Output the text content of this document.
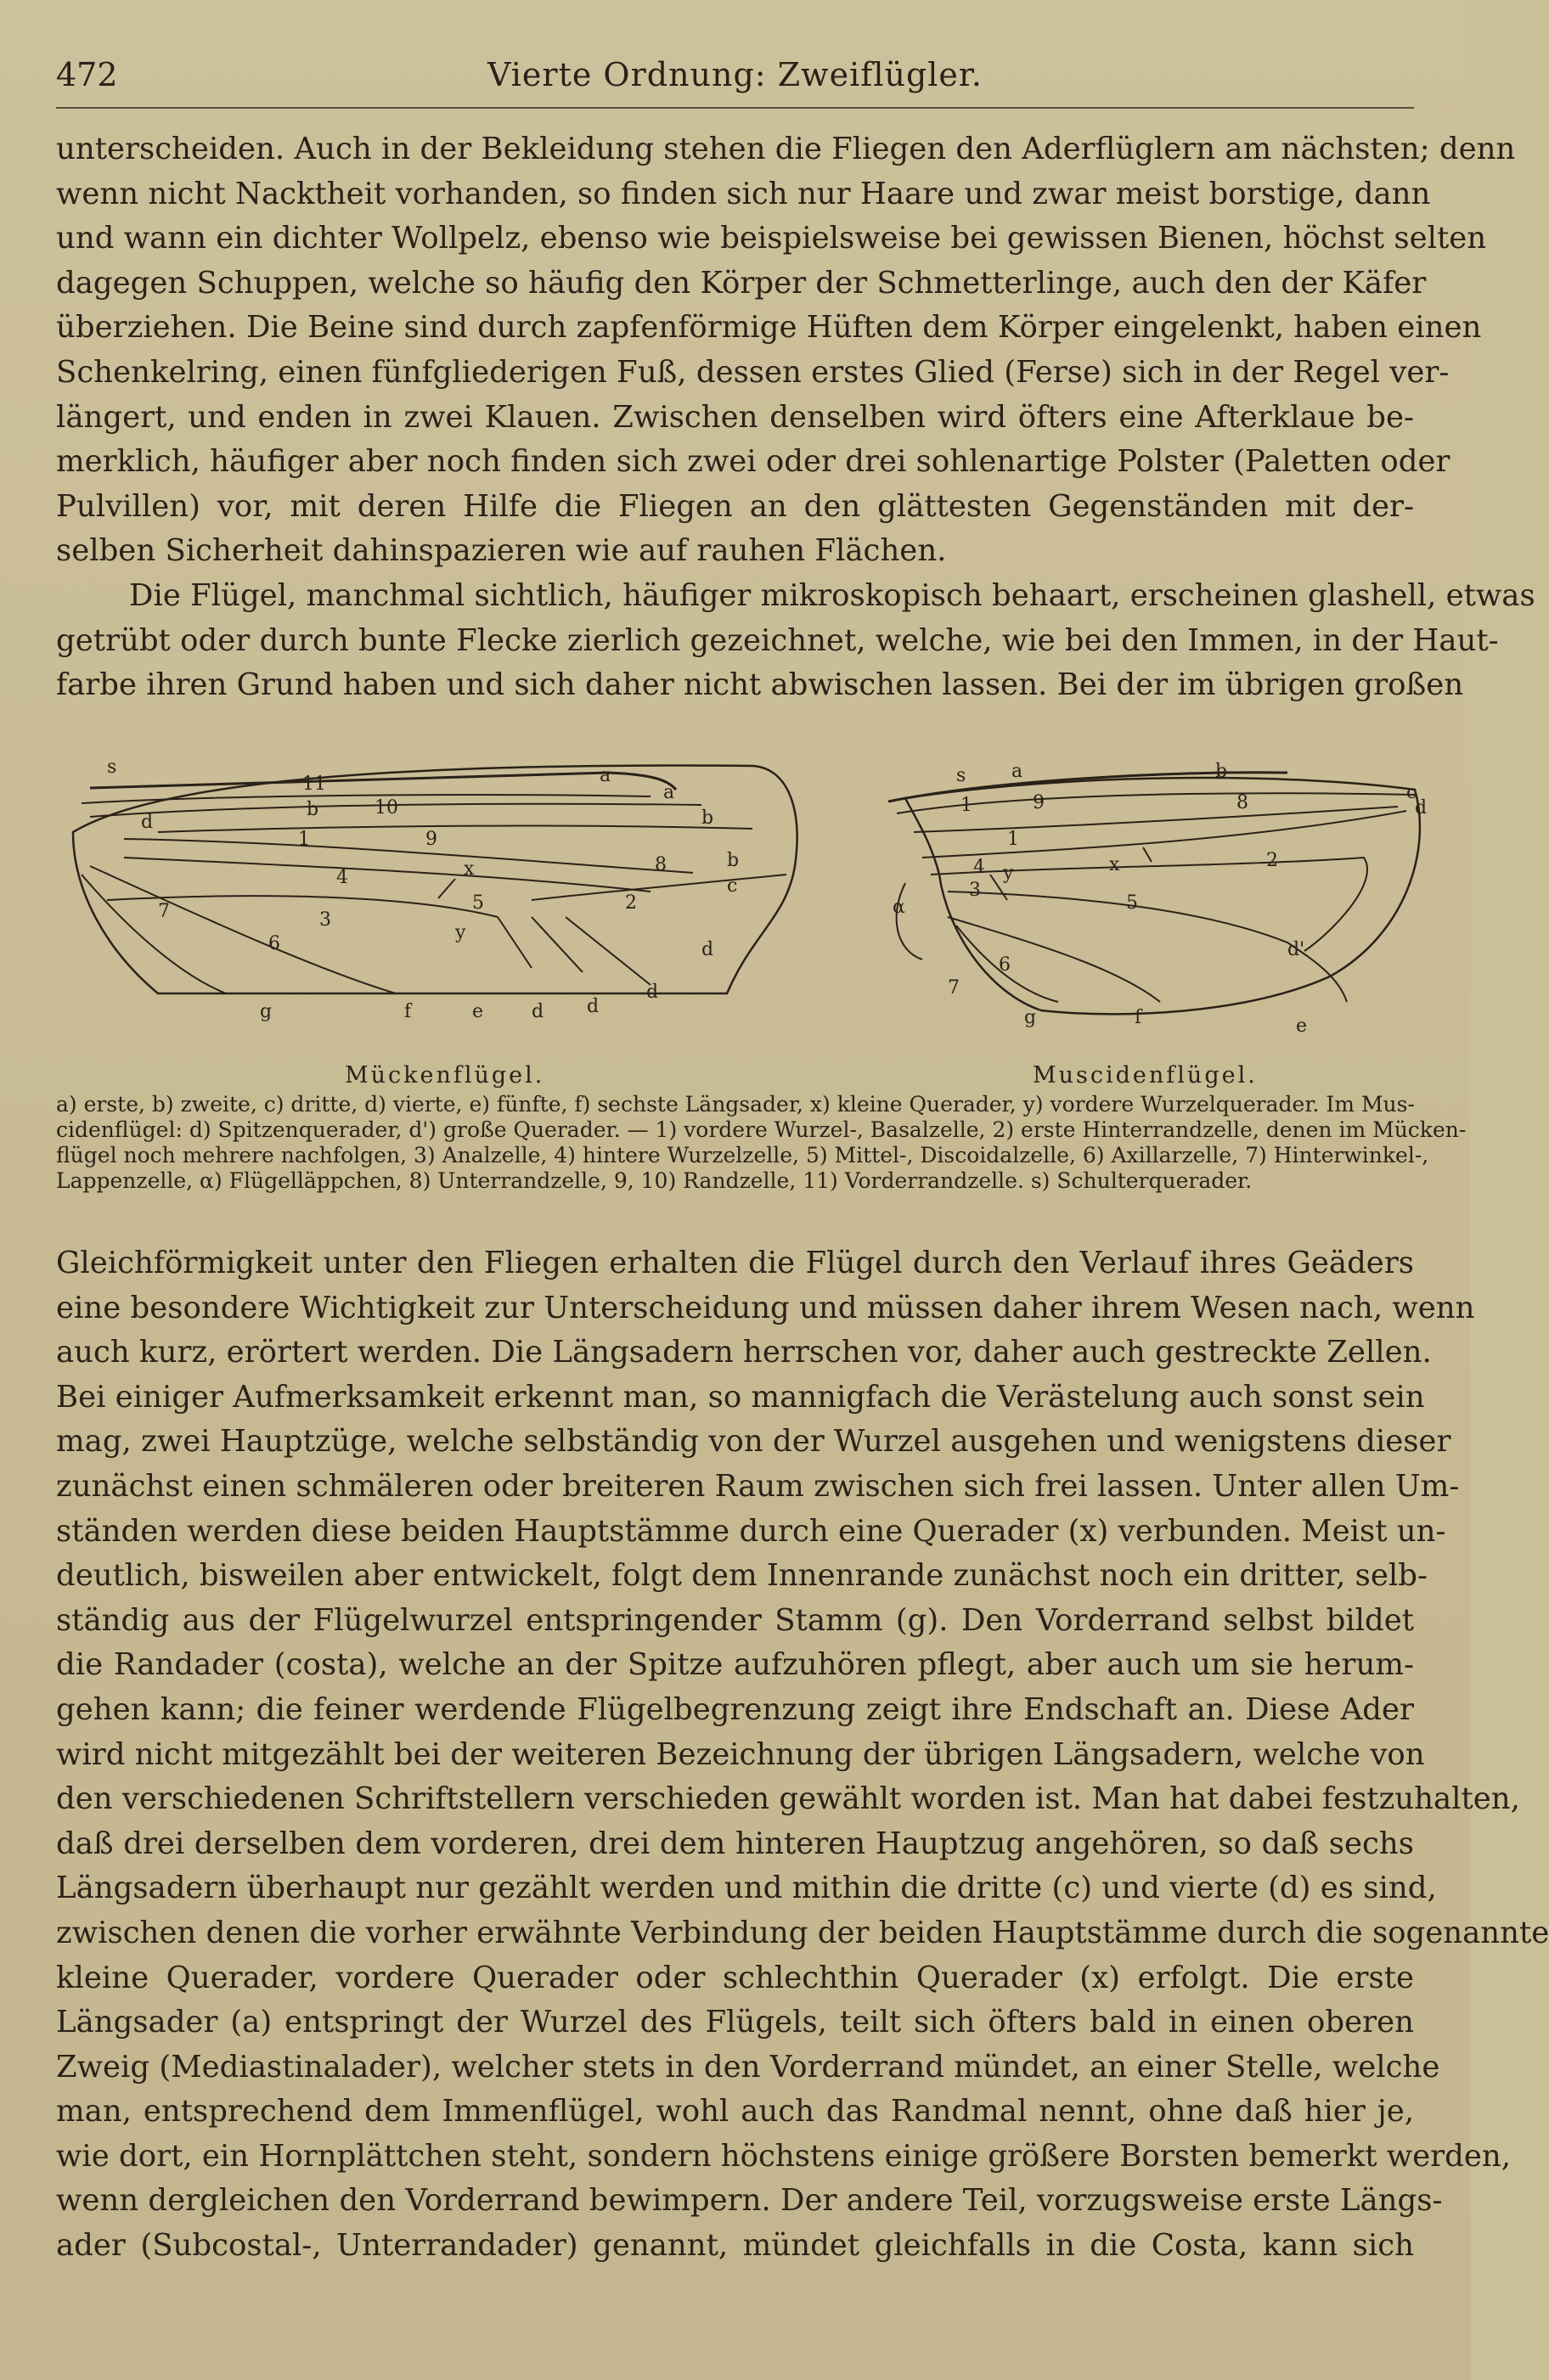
472	Vierte Ordnung: Zweiflügler.
unterscheiden. Auch in der Bekleidung stehen die Fliegen den Aderflüglern am nächsten; denn
wenn nicht Nacktheit vorhanden, so finden sich nur Haare und zwar meist borstige, dann
und wann ein dichter Wollpelz, ebenso wie beispielsweise bei gewissen Bienen, höchst selten
dagegen Schuppen, welche so häufig den Körper der Schmetterlinge, auch den der Käfer
überziehen. Die Beine sind durch zapfenförmige Hüften dem Körper eingelenkt, haben einen
Schenkelring, einen fünfgliederigen Fuß, dessen erstes Glied (Ferse) sich in der Regel ver-
längert, und enden in zwei Klauen. Zwischen denselben wird öfters eine Afterklaue be-
merklich, häufiger aber noch finden sich zwei oder drei sohlenartige Polster (Paletten oder
Pulvillen) vor, mit deren Hilfe die Fliegen an den glättesten Gegenständen mit der-
selben Sicherheit dahinspazieren wie auf rauhen Flächen.
Die Flügel, manchmal sichtlich, häufiger mikroskopisch behaart, erscheinen glashell, etwas
getrübt oder durch bunte Flecke zierlich gezeichnet, welche, wie bei den Immen, in der Haut-
farbe ihren Grund haben und sich daher nicht abwischen lassen. Bei der im übrigen großen
s	a
a
11
b	10	b
d
1	9
b
8
x
c
4
5	2
7	3
y
d
6
d
g	f	e	d d
Mückenflügel.
s a	b
1	9	8	c
d
1
x	2
4 y
3
α	5
d'
6
7
g	f	e
Muscidenflügel.
a) erste, b) zweite, c) dritte, d) vierte, e) fünfte, f) sechste Längsader, x) kleine Querader, y) vordere Wurzelquerader. Im Mus-
cidenflügel: d) Spitzenquerader, d') große Querader. — 1) vordere Wurzel-, Basalzelle, 2) erste Hinterrandzelle, denen im Mücken-
flügel noch mehrere nachfolgen, 3) Analzelle, 4) hintere Wurzelzelle, 5) Mittel-, Discoidalzelle, 6) Axillarzelle, 7) Hinterwinkel-,
Lappenzelle, α) Flügelläppchen, 8) Unterrandzelle, 9, 10) Randzelle, 11) Vorderrandzelle. s) Schulterquerader.
Gleichförmigkeit unter den Fliegen erhalten die Flügel durch den Verlauf ihres Geäders
eine besondere Wichtigkeit zur Unterscheidung und müssen daher ihrem Wesen nach, wenn
auch kurz, erörtert werden. Die Längsadern herrschen vor, daher auch gestreckte Zellen.
Bei einiger Aufmerksamkeit erkennt man, so mannigfach die Verästelung auch sonst sein
mag, zwei Hauptzüge, welche selbständig von der Wurzel ausgehen und wenigstens dieser
zunächst einen schmäleren oder breiteren Raum zwischen sich frei lassen. Unter allen Um-
ständen werden diese beiden Hauptstämme durch eine Querader (x) verbunden. Meist un-
deutlich, bisweilen aber entwickelt, folgt dem Innenrande zunächst noch ein dritter, selb-
ständig aus der Flügelwurzel entspringender Stamm (g). Den Vorderrand selbst bildet
die Randader (costa), welche an der Spitze aufzuhören pflegt, aber auch um sie herum-
gehen kann; die feiner werdende Flügelbegrenzung zeigt ihre Endschaft an. Diese Ader
wird nicht mitgezählt bei der weiteren Bezeichnung der übrigen Längsadern, welche von
den verschiedenen Schriftstellern verschieden gewählt worden ist. Man hat dabei festzuhalten,
daß drei derselben dem vorderen, drei dem hinteren Hauptzug angehören, so daß sechs
Längsadern überhaupt nur gezählt werden und mithin die dritte (c) und vierte (d) es sind,
zwischen denen die vorher erwähnte Verbindung der beiden Hauptstämme durch die sogenannte
kleine Querader, vordere Querader oder schlechthin Querader (x) erfolgt. Die erste
Längsader (a) entspringt der Wurzel des Flügels, teilt sich öfters bald in einen oberen
Zweig (Mediastinalader), welcher stets in den Vorderrand mündet, an einer Stelle, welche
man, entsprechend dem Immenflügel, wohl auch das Randmal nennt, ohne daß hier je,
wie dort, ein Hornplättchen steht, sondern höchstens einige größere Borsten bemerkt werden,
wenn dergleichen den Vorderrand bewimpern. Der andere Teil, vorzugsweise erste Längs-
ader (Subcostal-, Unterrandader) genannt, mündet gleichfalls in die Costa, kann sich
